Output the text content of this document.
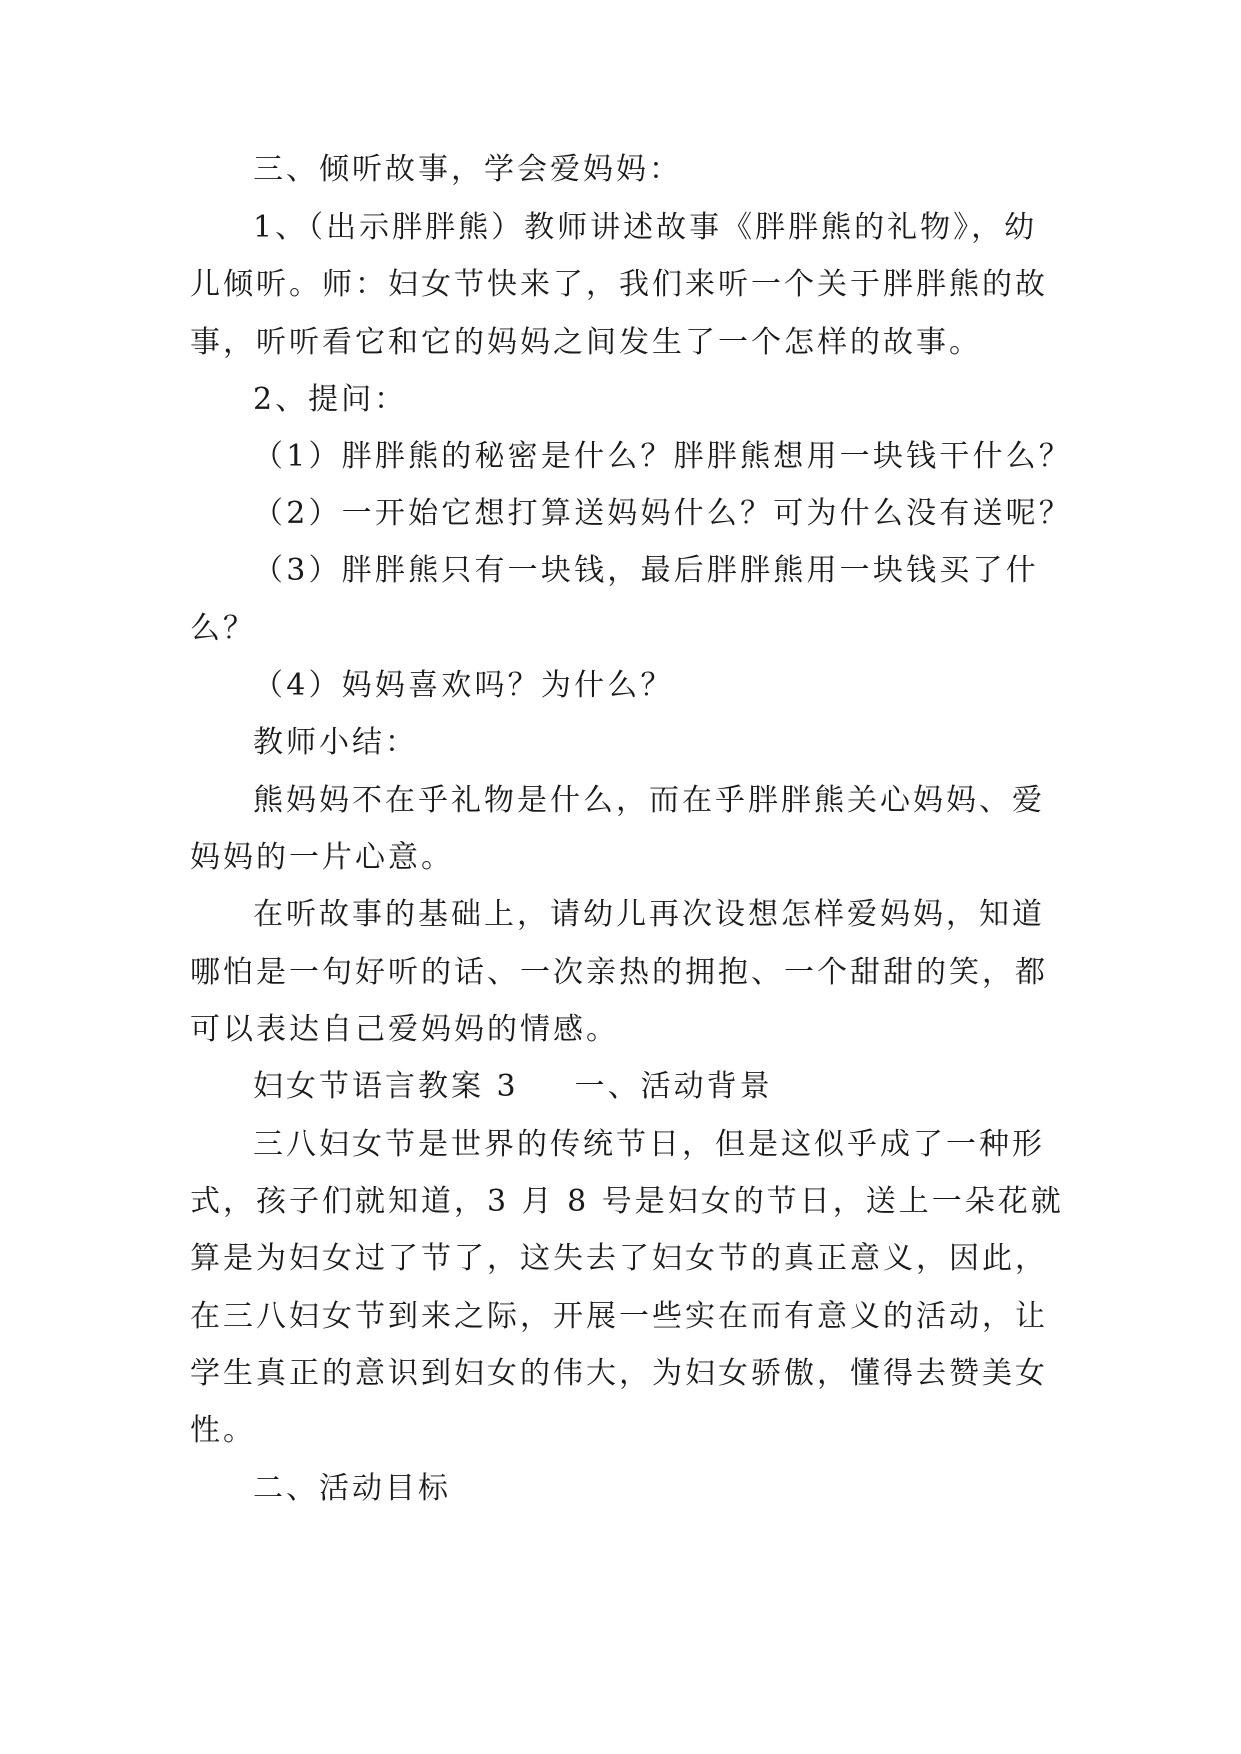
三、倾听故事，学会爱妈妈：
1、（出示胖胖熊）教师讲述故事《胖胖熊的礼物》，幼
儿倾听。师：妇女节快来了，我们来听一个关于胖胖熊的故
事，听听看它和它的妈妈之间发生了一个怎样的故事。
2、提问：
（1）胖胖熊的秘密是什么？胖胖熊想用一块钱干什么？
（2）一开始它想打算送妈妈什么？可为什么没有送呢？
（3）胖胖熊只有一块钱，最后胖胖熊用一块钱买了什
么？
（4）妈妈喜欢吗？为什么？
教师小结：
熊妈妈不在乎礼物是什么，而在乎胖胖熊关心妈妈、爱
妈妈的一片心意。
在听故事的基础上，请幼儿再次设想怎样爱妈妈，知道
哪怕是一句好听的话、一次亲热的拥抱、一个甜甜的笑，都
可以表达自己爱妈妈的情感。
妇女节语言教案 3 一、活动背景
三八妇女节是世界的传统节日，但是这似乎成了一种形
式，孩子们就知道，3 月 8 号是妇女的节日，送上一朵花就
算是为妇女过了节了，这失去了妇女节的真正意义，因此，
在三八妇女节到来之际，开展一些实在而有意义的活动，让
学生真正的意识到妇女的伟大，为妇女骄傲，懂得去赞美女
性。
二、活动目标
